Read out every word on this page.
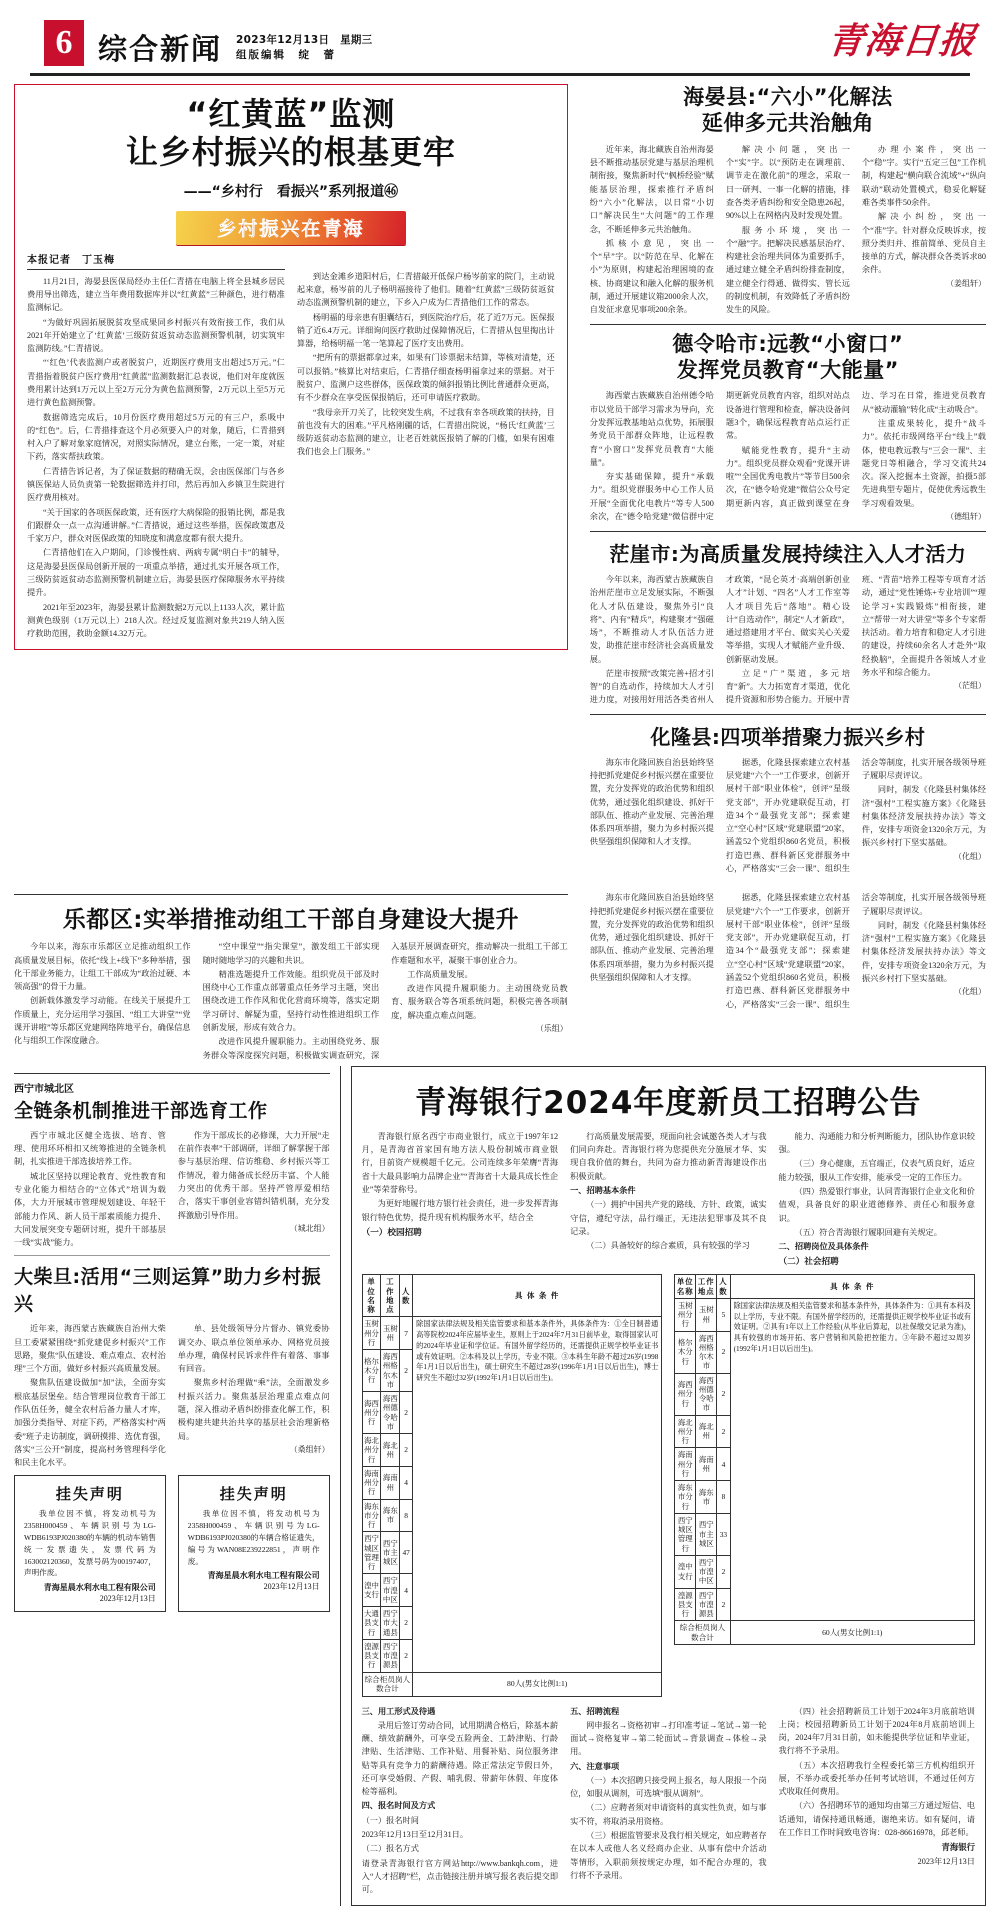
6 综合新闻 2023年12月13日　星期三
组版编辑　绽　蕾	青海日报
“红黄蓝”监测
让乡村振兴的根基更牢
——“乡村行　看振兴”系列报道㊻
乡村振兴在青海
本报记者　丁玉梅

11月21日，海晏县医保局经办主任仁青措在电脑上将全县城乡居民费用导出筛选，建立当年费用数据库并以“红黄蓝”三种颜色，进行精准监测标记。

“为做好巩固拓展脱贫攻坚成果同乡村振兴有效衔接工作，我们从2021年开始建立了‘红黄蓝’三级防贫返贫动态监测预警机制，切实筑牢监测防线。”仁青措说。

“‘红色’代表监测户或者脱贫户，近期医疗费用支出超过5万元。”仁青措指着脱贫户医疗费用“红黄蓝”监测数据汇总表说，他们对年度就医费用累计达到1万元以上至2万元分为黄色监测预警，2万元以上至5万元进行黄色监测预警。

数据筛选完成后，10月份医疗费用超过5万元的有三户，系吸中的“红色”。后，仁青措排查这个月必须要入户的对象，随后，仁青措到村入户了解对象家庭情况，对照实际情况，建立台账，一定一策，对症下药，落实帮扶政策。

仁青措告诉记者，为了保证数据的精确无误，会由医保部门与各乡镇医保站人员负责第一轮数据筛选并打印，然后再加入乡镇卫生院进行医疗费用核对。

“关于国家的各项医保政策，还有医疗大病保险的报销比例，都是我们跟群众一点一点沟通讲解。”仁青措说，通过这些举措，医保政策惠及千家万户，群众对医保政策的知晓度和满意度都有很大提升。

仁青措他们在入户期间，门诊慢性病、两病专属“明白卡”的辅导，这是海晏县医保局创新开展的一项重点举措，通过扎实开展各项工作，三级防贫返贫动态监测预警机制建立后，海晏县医疗保障服务水平持续提升。

2021年至2023年，海晏县累计监测数据2万元以上1133人次，累计监测黄色级别（1万元以上）218人次。经过反复监测对象共219人纳入医疗救助范围，救助金额14.32万元。

到达金滩乡道阳村后，仁青措敲开低保户杨岑前家的院门，主动说起来意，杨岑前的儿子杨明福接待了他们。随着“红黄蓝”三级防贫返贫动态监测预警机制的建立，下乡入户成为仁青措他们工作的常态。

杨明福的母亲患有胆囊结石，到医院治疗后，花了近7万元。医保报销了近6.4万元。详细询问医疗救助过保障情况后，仁青措从包里掏出计算器，给杨明福一笔一笔算起了医疗支出费用。

“把所有的票据都拿过来，如果有门诊票据未结算，等核对清楚，还可以报销。”核算比对结束后，仁青措仔细查杨明福拿过来的票据。对于脱贫户、监测户这些群体，医保政策的倾斜报销比例比普通群众更高，有不少群众在享受医保报销后，还可申请医疗救助。

“我母亲开刀关了，比较突发生病，不过我有幸各项政策的扶持，目前也没有大的困难。”平凡格刚疆的话，仁青措出院说，“杨氏‘红黄蓝’三级防返贫动态监测的建立，让老百姓就医报销了解的门槛，如果有困难我们也会上门服务。”

海晏县:“六小”化解法
延伸多元共治触角

近年来，海北藏族自治州海晏县不断推动基层党建与基层治理机制衔接，聚焦新时代“枫桥经验”赋能基层治理，探索推行矛盾纠纷“六小”化解法，以日常“小切口”解决民生“大问题”的工作理念，不断延伸多元共治触角。

抓核小意见，突出一个“早”字。以“防范在早、化解在小”为原则，构建起治理困境的查核、协商建议和融入化解的服务机制，通过开展建议箱2000余人次，自发征求意见事项200余条。

解决小问题，突出一个“实”字。以“预防走在调理前、调节走在激化前”的理念，采取一日一研判、一事一化解的措施，排查各类矛盾纠纷和安全隐患26起，90%以上在网格内及时发现处置。

服务小环境，突出一个“融”字。把解决民感基层治疗、构建社会治理共同体为重要抓手，通过建立健全矛盾纠纷排查制度，建立健全行得通、做得实、管长远的制度机制，有效降低了矛盾纠纷发生的风险。

办理小案件，突出一个“稳”字。实行“五定三包”工作机制，构建起“横向联合流域”+“纵向联动”联动处置模式，稳妥化解疑难各类事件50余件。

解决小纠纷，突出一个“准”字。针对群众反映诉求，按照分类归并、推前简单、党员自主接单的方式，解决群众各类诉求80余件。

（姜组轩）

德令哈市:远教“小窗口”
发挥党员教育“大能量”

海西蒙古族藏族自治州德令哈市以党员干部学习需求为导向，充分发挥远教基地站点优势，拓展服务党员干部群众阵地，让远程教育“小窗口”发挥党员教育“大能量”。

夯实基础保障，提升“承载力”。组织党群服务中心工作人员开展“全面优化电教片”等专人500余次，在“德令哈党建”微信群中定期更新党员教育内容，组织对站点设备进行管理和检查，解决设备问题3个，确保远程教育站点运行正常。

赋能党性教育，提升“主动力”。组织党员群众观看“党课开讲啦”“全国优秀电教片”等节目500余次，在“德令哈党建”微信公众号定期更新内容，真正做到课堂在身边、学习在日常，推进党员教育从“被动灌输”转化成“主动吸合”。

注重成果转化，提升“战斗力”。依托市级网络平台“线上”载体，使电教远教与“三会一课”、主题党日等相融合，学习交流共24次。深入挖掘本土资源，拍摄5部先进典型专题片，促使优秀远教生学习观看效果。

（德组轩）

茫崖市:为高质量发展持续注入人才活力

今年以来，海西蒙古族藏族自治州茫崖市立足发展实际，不断强化人才队伍建设，聚焦外引“良将”、内有“精兵”，构建聚才“强磁场”，不断推动人才队伍活力迸发，助推茫崖市经济社会高质量发展。

茫崖市按照“改策完善+招才引智”的自选动作，持续加大人才引进力度，对接用好用活各类省州人才政策，“昆仑英才·高端创新创业人才”计划、“四名”人才工作室等人才项目先后“落地”。精心设计“自选动作”，制定“人才新政”，通过搭建用才平台、做实关心关爱等举措，实现人才赋能产业升级、创新驱动发展。

立足“广”渠道，多元培育“新”。大力拓宽育才渠道，优化提升资源和形势合能力。开展中青班、“青苗”培养工程等专项育才活动，通过“党性锤炼+专业培训”“理论学习+实践锻炼”相衔接，建立“帮带一对大讲堂”等多个专家帮扶活动。着力培育和稳定人才引进的建设，持续60余名人才赴外“取经换脑”，全面提升各领域人才业务水平和综合能力。

（茫组）

化隆县:四项举措聚力振兴乡村

海东市化隆回族自治县始终坚持把抓党建促乡村振兴摆在重要位置，充分发挥党的政治优势和组织优势，通过强化组织建设、抓好干部队伍、推动产业发展、完善治理体系四项举措，聚力为乡村振兴提供坚强组织保障和人才支撑。

据悉，化隆县探索建立农村基层党建“六个一”工作要求，创新开展村干部“职业体检”，创评“星级党支部”，开办党建联促互动，打造34个“最强党支部”；探索建立“空心村”区域“党建联盟”20家，涵盖52个党组织860名党员，积极打造巴燕、群科新区党群服务中心，严格落实“三会一课”、组织生活会等制度，扎实开展各级领导班子履职尽责评议。

同时，制发《化隆县村集体经济“强村”工程实施方案》《化隆县村集体经济发展扶持办法》等文件，安排专项资金1320余万元，为振兴乡村打下坚实基础。

（化组）

乐都区:实举措推动组工干部自身建设大提升

今年以来，海东市乐都区立足推动组织工作高质量发展目标，依托“线上+线下”多种举措，强化干部业务能力，让组工干部成为“政治过硬、本领高强”的骨干力量。

创新载体激发学习动能。在线关于展提升工作质量上，充分运用学习强国、“组工大讲堂”“党课开讲啦”等乐都区党建网络阵地平台，确保信息化与组织工作深度融合。

“空中课堂”“指尖课堂”，激发组工干部实现随时随地学习的兴趣和共识。

精准选题提升工作效能。组织党员干部及时围绕中心工作重点部署重点任务学习主题，突出围绕改进工作作风和优化营商环境等，落实定期学习研讨、解疑为重，坚持行动性推进组织工作创新发展，形成有效合力。

改进作风提升履职能力。主动围绕党务、服务群众等深度探究问题，积极做实调查研究，深入基层开展调查研究，推动解决一批组工干部工作难题和水平，凝聚干事创业合力。

工作高质量发展。

改进作风提升履职能力。主动围绕党员教育、服务联合等各项系统问题，积极完善各项制度，解决重点难点问题。

（乐组）

海东市化隆回族自治县始终坚持把抓党建促乡村振兴摆在重要位置，充分发挥党的政治优势和组织优势，通过强化组织建设、抓好干部队伍、推动产业发展、完善治理体系四项举措，聚力为乡村振兴提供坚强组织保障和人才支撑。

据悉，化隆县探索建立农村基层党建“六个一”工作要求，创新开展村干部“职业体检”，创评“星级党支部”，开办党建联促互动，打造34个“最强党支部”；探索建立“空心村”区域“党建联盟”20家，涵盖52个党组织860名党员，积极打造巴燕、群科新区党群服务中心，严格落实“三会一课”、组织生活会等制度，扎实开展各级领导班子履职尽责评议。

同时，制发《化隆县村集体经济“强村”工程实施方案》《化隆县村集体经济发展扶持办法》等文件，安排专项资金1320余万元，为振兴乡村打下坚实基础。

（化组）

西宁市城北区
全链条机制推进干部选育工作

西宁市城北区健全选拔、培育、管理、使用环环相扣又统筹推进的全链条机制，扎实推进干部选拔培养工作。

城北区坚持以理论教育、党性教育和专业化能力相结合的“立体式”培训为载体，大力开展城市管理规划建设、年轻干部能力作风、新人员干部素质能力提升、大同发展突变专题研讨班，提升干部基层一线“实战”能力。

作为干部成长的必修课，大力开展“走在前作表率”干部调研，详细了解掌握干部参与基层治理、信访维稳、乡村振兴等工作情况，着力储备成长经历丰富、个人能力突出的优秀干部。坚持严管厚爱相结合，落实干事创业容错纠错机制，充分发挥激励引导作用。

（城北组）

大柴旦:活用“三则运算”助力乡村振兴

近年来，海西蒙古族藏族自治州大柴旦工委紧紧围绕“抓党建促乡村振兴”工作思路，聚焦“队伍建设、难点难点、农村治理”三个方面，做好乡村振兴高质量发展。

聚焦队伍建设做加“加”法，全面夯实根底基层堡垒。结合管理岗位教育干部工作队伍任务，健全农村后备力量人才库，加强分类指导、对症下药，严格落实村“两委”班子走访制度，调研摸排、选优育强，落实“三公开”制度，提高村务管理科学化和民主化水平。

单、县处级领导分片督办、镇党委协调交办、联点单位领单承办、网格党员接单办理，确保村民诉求件件有着落、事事有回音。

聚焦乡村治理做“乘”法，全面激发乡村振兴活力。聚焦基层治理重点难点问题，深入推动矛盾纠纷排查化解工作，积极构建共建共治共享的基层社会治理新格局。

（桑组轩）

挂失声明

我单位因不慎，将发动机号为2358H000459、车辆识别号为LG-WDB6193PJ020380的车辆的机动车销售统一发票遗失，发票代码为163002120360，发票号码为00197407，声明作废。

青海星晨水利水电工程有限公司
2023年12月13日
挂失声明

我单位因不慎，将发动机号为2358H000459、车辆识别号为LG-WDB6193PJ020380的车辆合格证遗失，编号为WAN08E239222851，声明作废。

青海星晨水利水电工程有限公司
2023年12月13日
青海银行2024年度新员工招聘公告

青海银行原名西宁市商业银行，成立于1997年12月，是青海省首家国有地方法人股份制城市商业银行，目前资产规模超千亿元。公司连续多年荣膺“青海省十大最具影响力品牌企业”“青海省十大最具成长性企业”等荣誉称号。

为更好地履行地方银行社会责任，进一步发挥青海银行特色优势，提升现有机构服务水平，结合全

（一）校园招聘

行高质量发展需要，现面向社会诚邀各类人才与我们同向奔赴。青海银行将为您提供充分施展才华、实现自我价值的舞台，共同为奋力推动新青海建设作出积极贡献。

一、招聘基本条件

（一）拥护中国共产党的路线、方针、政策，诚实守信，遵纪守法，品行端正，无违法犯罪事及其不良记录。

（二）具备较好的综合素质，具有较强的学习

能力、沟通能力和分析判断能力，团队协作意识较强。

（三）身心健康，五官端正，仪表气质良好，适应能力较强，服从工作安排，能承受一定的工作压力。

（四）热爱银行事业，认同青海银行企业文化和价值观，具备良好的职业道德修养、责任心和服务意识。

（五）符合青海银行履职回避有关规定。

二、招聘岗位及具体条件

（二）社会招聘
单位名称	工作地点	人数	具 体 条 件
玉树州分行	玉树州	7	除国家法律法规及相关监管要求和基本条件外，具体条件为：①全日制普通高等院校2024年应届毕业生，原则上于2024年7月31日前毕业，取得国家认可的2024年毕业证和学位证。有国外留学经历的，还需提供正规学校毕业证书或有效证明。②本科及以上学历，专业不限。③本科生年龄不超过26岁(1998年1月1日以后出生)，硕士研究生不超过28岁(1996年1月1日以后出生)，博士研究生不超过32岁(1992年1月1日以后出生)。
格尔木分行	海西州格尔木市	2	
海西州分行	海西州德令哈市	2	
海北州分行	海北州	2	
海南州分行	海南州	4	
海东市分行	海东市	8	
西宁城区管理行	西宁市主城区	47	
湟中支行	西宁市湟中区	4	
大通县支行	西宁市大通县	2	
湟源县支行	西宁市湟源县	2	
综合柜员岗人数合计			80人(男女比例1:1)
单位名称	工作地点	人数	具 体 条 件
玉树州分行	玉树州	5	除国家法律法规及相关监管要求和基本条件外，具体条件为：①具有本科及以上学历，专业不限。有国外留学经历的，还需提供正规学校毕业证书或有效证明。②具有1年以上工作经验(从毕业后算起，以社保缴交记录为准)，具有较强的市场开拓、客户营销和风险把控能力。③年龄不超过32周岁(1992年1月1日以后出生)。
格尔木分行	海西州格尔木市	2	
海西州分行	海西州德令哈市	2	
海北州分行	海北州	2	
海南州分行	海南州	4	
海东市分行	海东市	8	
西宁城区管理行	西宁市主城区	33	
湟中支行	西宁市湟中区	2	
湟源县支行	西宁市湟源县	2	
综合柜员岗人数合计			60人(男女比例1:1)

三、用工形式及待遇

录用后签订劳动合同，试用期满合格后，除基本薪酬、绩效薪酬外，可享受五险两金、工龄津贴、行龄津贴、生活津贴、工作补贴、用餐补贴、岗位服务津贴等具有竞争力的薪酬待遇。除正常法定节假日外，还可享受婚假、产假、哺乳假、带薪年休假、年度体检等福利。

四、报名时间及方式

（一）报名时间

2023年12月13日至12月31日。

（二）报名方式

请登录青海银行官方网站http://www.bankqh.com，进入“人才招聘”栏，点击链接注册并填写报名表后提交即可。

五、招聘流程

网申报名→资格初审→打印准考证→笔试→第一轮面试→资格复审→第二轮面试→背景调查→体检→录用。

六、注意事项

（一）本次招聘只接受网上报名，每人限报一个岗位，如服从调剂，可选填“服从调剂”。

（二）应聘者须对申请资料的真实性负责，如与事实不符，将取消录用资格。

（三）根据监管要求及我行相关规定，如应聘者存在以本人或他人名义经商办企业、从事有偿中介活动等情形，入职前须按规定办理，如不配合办理的，我行将不予录用。

（四）社会招聘新员工计划于2024年3月底前培训上岗；校园招聘新员工计划于2024年8月底前培训上岗，2024年7月31日前，如未能提供学位证和毕业证，我行将不予录用。

（五）本次招聘我行全程委托第三方机构组织开展，不举办或委托举办任何考试培训，不通过任何方式收取任何费用。

（六）各招聘环节的通知均由第三方通过短信、电话通知，请保持通讯畅通，谢绝来访。如有疑问，请在工作日工作时间致电咨询：028-86616978，邱老师。

青海银行
2023年12月13日
